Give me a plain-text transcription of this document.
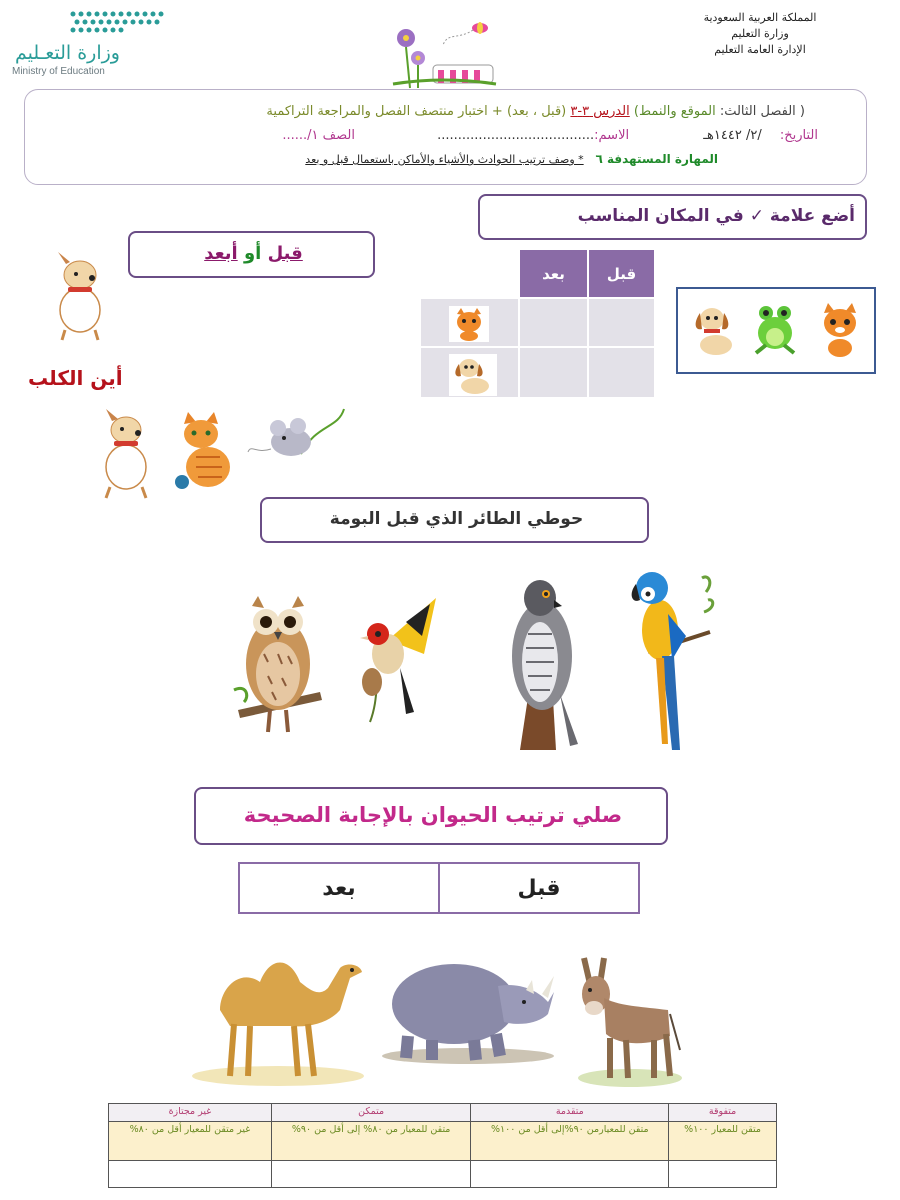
المملكة العربية السعودية
وزارة التعليم
الإدارة العامة التعليم
وزارة التعـليم
Ministry of Education
( الفصل الثالث: الموقع والنمط) الدرس ٣-٣ (قبل ، بعد) + اختبار منتصف الفصل والمراجعة التراكمية
التاريخ: /٢/ ١٤٤٢هـ الاسم:...................................... الصف ١/......
المهارة المستهدفة ٦ * وصف ترتيب الحوادث والأشياء والأماكن باستعمال قبل و بعد
أضع علامة ✓ في المكان المناسب
قبل أو أبعد
بعد	قبل
أين الكلب
حوطي الطائر الذي قبل البومة
صلي ترتيب الحيوان بالإجابة الصحيحة
بعد	قبل
متفوقة	متقدمة	متمكن	غير مجتازة
متقن للمعيار ١٠٠%	متقن للمعيارمن ٩٠%إلى أقل من ١٠٠%	متقن للمعيار من ٨٠% إلى أقل من ٩٠%	غير متقن للمعيار أقل من ٨٠%
